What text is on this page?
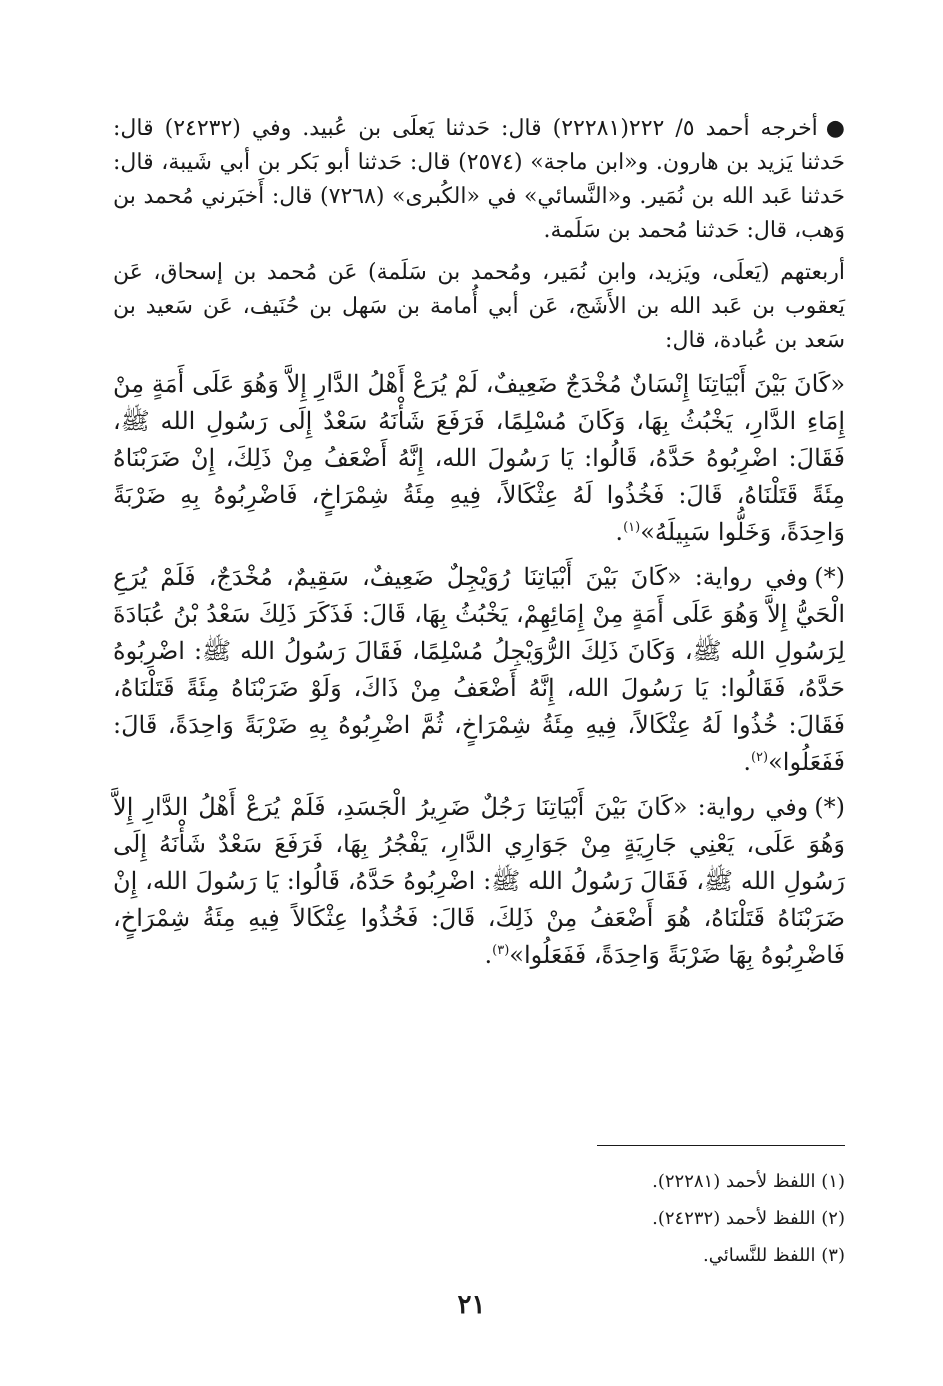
●أخرجه أحمد ٥/ ٢٢٢(٢٢٢٨١) قال: حَدثنا يَعلَى بن عُبيد. وفي (٢٤٢٣٢) قال: حَدثنا يَزيد بن هارون. و«ابن ماجة» (٢٥٧٤) قال: حَدثنا أبو بَكر بن أبي شَيبة، قال: حَدثنا عَبد الله بن نُمَير. و«النَّسائي» في «الكُبرى» (٧٢٦٨) قال: أَخبَرني مُحمد بن وَهب، قال: حَدثنا مُحمد بن سَلَمة.

أربعتهم (يَعلَى، ويَزيد، وابن نُمَير، ومُحمد بن سَلَمة) عَن مُحمد بن إسحاق، عَن يَعقوب بن عَبد الله بن الأَشَج، عَن أبي أُمامة بن سَهل بن حُنَيف، عَن سَعيد بن سَعد بن عُبادة، قال:

«كَانَ بَيْنَ أَبْيَاتِنَا إِنْسَانٌ مُخْدَجٌ ضَعِيفٌ، لَمْ يُرَعْ أَهْلُ الدَّارِ إِلاَّ وَهُوَ عَلَى أَمَةٍ مِنْ إِمَاءِ الدَّارِ، يَخْبُثُ بِهَا، وَكَانَ مُسْلِمًا، فَرَفَعَ شَأْنَهُ سَعْدٌ إِلَى رَسُولِ الله ﷺ، فَقَالَ: اضْرِبُوهُ حَدَّهُ، قَالُوا: يَا رَسُولَ الله، إِنَّهُ أَضْعَفُ مِنْ ذَلِكَ، إِنْ ضَرَبْنَاهُ مِئَةً قَتَلْنَاهُ، قَالَ: فَخُذُوا لَهُ عِثْكَالاً، فِيهِ مِئَةُ شِمْرَاخٍ، فَاضْرِبُوهُ بِهِ ضَرْبَةً وَاحِدَةً، وَخَلُّوا سَبِيلَهُ»$^{(١)}$.

(*)وفي رواية: «كَانَ بَيْنَ أَبْيَاتِنَا رُوَيْجِلٌ ضَعِيفٌ، سَقِيمٌ، مُخْدَجٌ، فَلَمْ يُرَعِ الْحَيُّ إِلاَّ وَهُوَ عَلَى أَمَةٍ مِنْ إِمَائِهِمْ، يَخْبُثُ بِهَا، قَالَ: فَذَكَرَ ذَلِكَ سَعْدُ بْنُ عُبَادَةَ لِرَسُولِ الله ﷺ، وَكَانَ ذَلِكَ الرُّوَيْجِلُ مُسْلِمًا، فَقَالَ رَسُولُ الله ﷺ: اضْرِبُوهُ حَدَّهُ، فَقَالُوا: يَا رَسُولَ الله، إِنَّهُ أَضْعَفُ مِنْ ذَاكَ، وَلَوْ ضَرَبْنَاهُ مِئَةً قَتَلْنَاهُ، فَقَالَ: خُذُوا لَهُ عِثْكَالاً، فِيهِ مِئَةُ شِمْرَاخٍ، ثُمَّ اضْرِبُوهُ بِهِ ضَرْبَةً وَاحِدَةً، قَالَ: فَفَعَلُوا»$^{(٢)}$.

(*)وفي رواية: «كَانَ بَيْنَ أَبْيَاتِنَا رَجُلٌ ضَرِيرُ الْجَسَدِ، فَلَمْ يُرَعْ أَهْلُ الدَّارِ إِلاَّ وَهُوَ عَلَى، يَعْنِي جَارِيَةٍ مِنْ جَوَارِي الدَّارِ، يَفْجُرُ بِهَا، فَرَفَعَ سَعْدٌ شَأْنَهُ إِلَى رَسُولِ الله ﷺ، فَقَالَ رَسُولُ الله ﷺ: اضْرِبُوهُ حَدَّهُ، قَالُوا: يَا رَسُولَ الله، إِنْ ضَرَبْنَاهُ قَتَلْنَاهُ، هُوَ أَضْعَفُ مِنْ ذَلِكَ، قَالَ: فَخُذُوا عِثْكَالاً فِيهِ مِئَةُ شِمْرَاخٍ، فَاضْرِبُوهُ بِهَا ضَرْبَةً وَاحِدَةً، فَفَعَلُوا»$^{(٣)}$.

(١) اللفظ لأحمد (٢٢٢٨١).

(٢) اللفظ لأحمد (٢٤٢٣٢).

(٣) اللفظ للنَّسائي.

٢١
